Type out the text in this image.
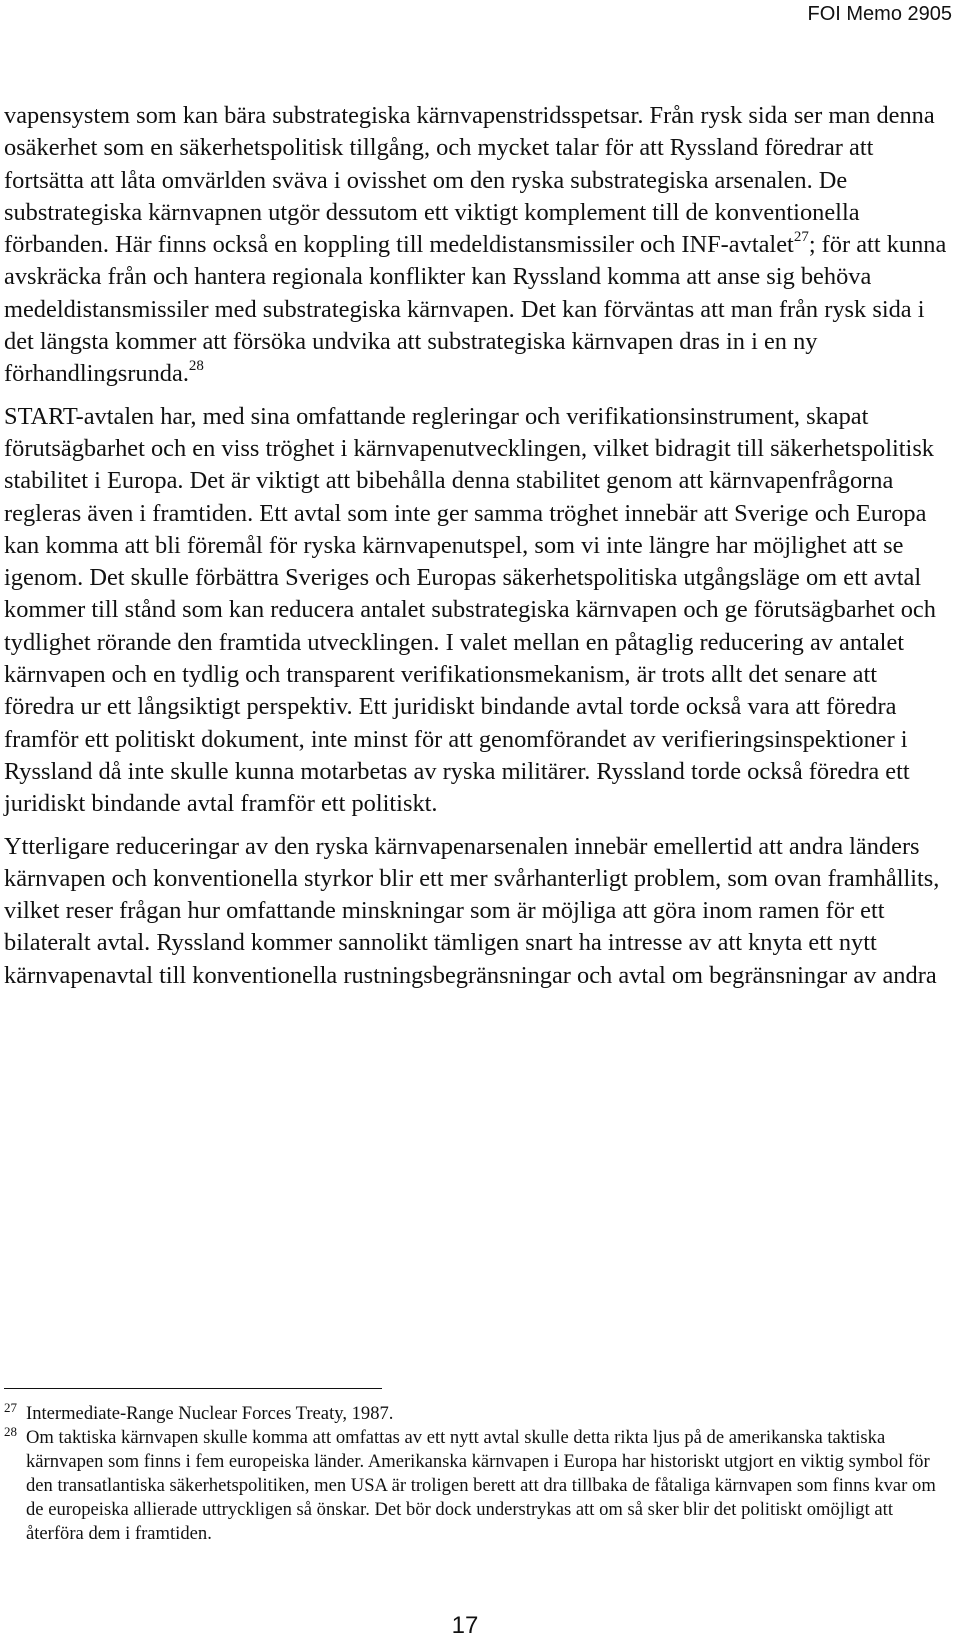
FOI Memo 2905

vapensystem som kan bära substrategiska kärnvapenstridsspetsar. Från rysk sida ser man denna osäkerhet som en säkerhetspolitisk tillgång, och mycket talar för att Ryssland föredrar att fortsätta att låta omvärlden sväva i ovisshet om den ryska substrategiska arsenalen. De substrategiska kärnvapnen utgör dessutom ett viktigt komplement till de konventionella förbanden. Här finns också en koppling till medeldistansmissiler och INF-avtalet$^{27}$; för att kunna avskräcka från och hantera regionala konflikter kan Ryssland komma att anse sig behöva medeldistansmissiler med substrategiska kärnvapen. Det kan förväntas att man från rysk sida i det längsta kommer att försöka undvika att substrategiska kärnvapen dras in i en ny förhandlingsrunda.$^{28}$

START-avtalen har, med sina omfattande regleringar och verifikationsinstrument, skapat förutsägbarhet och en viss tröghet i kärnvapenutvecklingen, vilket bidragit till säkerhetspolitisk stabilitet i Europa. Det är viktigt att bibehålla denna stabilitet genom att kärnvapenfrågorna regleras även i framtiden. Ett avtal som inte ger samma tröghet innebär att Sverige och Europa kan komma att bli föremål för ryska kärnvapenutspel, som vi inte längre har möjlighet att se igenom. Det skulle förbättra Sveriges och Europas säkerhetspolitiska utgångsläge om ett avtal kommer till stånd som kan reducera antalet substrategiska kärnvapen och ge förutsägbarhet och tydlighet rörande den framtida utvecklingen. I valet mellan en påtaglig reducering av antalet kärnvapen och en tydlig och transparent verifikationsmekanism, är trots allt det senare att föredra ur ett långsiktigt perspektiv. Ett juridiskt bindande avtal torde också vara att föredra framför ett politiskt dokument, inte minst för att genomförandet av verifieringsinspektioner i Ryssland då inte skulle kunna motarbetas av ryska militärer. Ryssland torde också föredra ett juridiskt bindande avtal framför ett politiskt.

Ytterligare reduceringar av den ryska kärnvapenarsenalen innebär emellertid att andra länders kärnvapen och konventionella styrkor blir ett mer svårhanterligt problem, som ovan framhållits, vilket reser frågan hur omfattande minskningar som är möjliga att göra inom ramen för ett bilateralt avtal. Ryssland kommer sannolikt tämligen snart ha intresse av att knyta ett nytt kärnvapenavtal till konventionella rustningsbegränsningar och avtal om begränsningar av andra

27 Intermediate-Range Nuclear Forces Treaty, 1987.
28 Om taktiska kärnvapen skulle komma att omfattas av ett nytt avtal skulle detta rikta ljus på de amerikanska taktiska kärnvapen som finns i fem europeiska länder. Amerikanska kärnvapen i Europa har historiskt utgjort en viktig symbol för den transatlantiska säkerhetspolitiken, men USA är troligen berett att dra tillbaka de fåtaliga kärnvapen som finns kvar om de europeiska allierade uttryckligen så önskar. Det bör dock understrykas att om så sker blir det politiskt omöjligt att återföra dem i framtiden.
17
